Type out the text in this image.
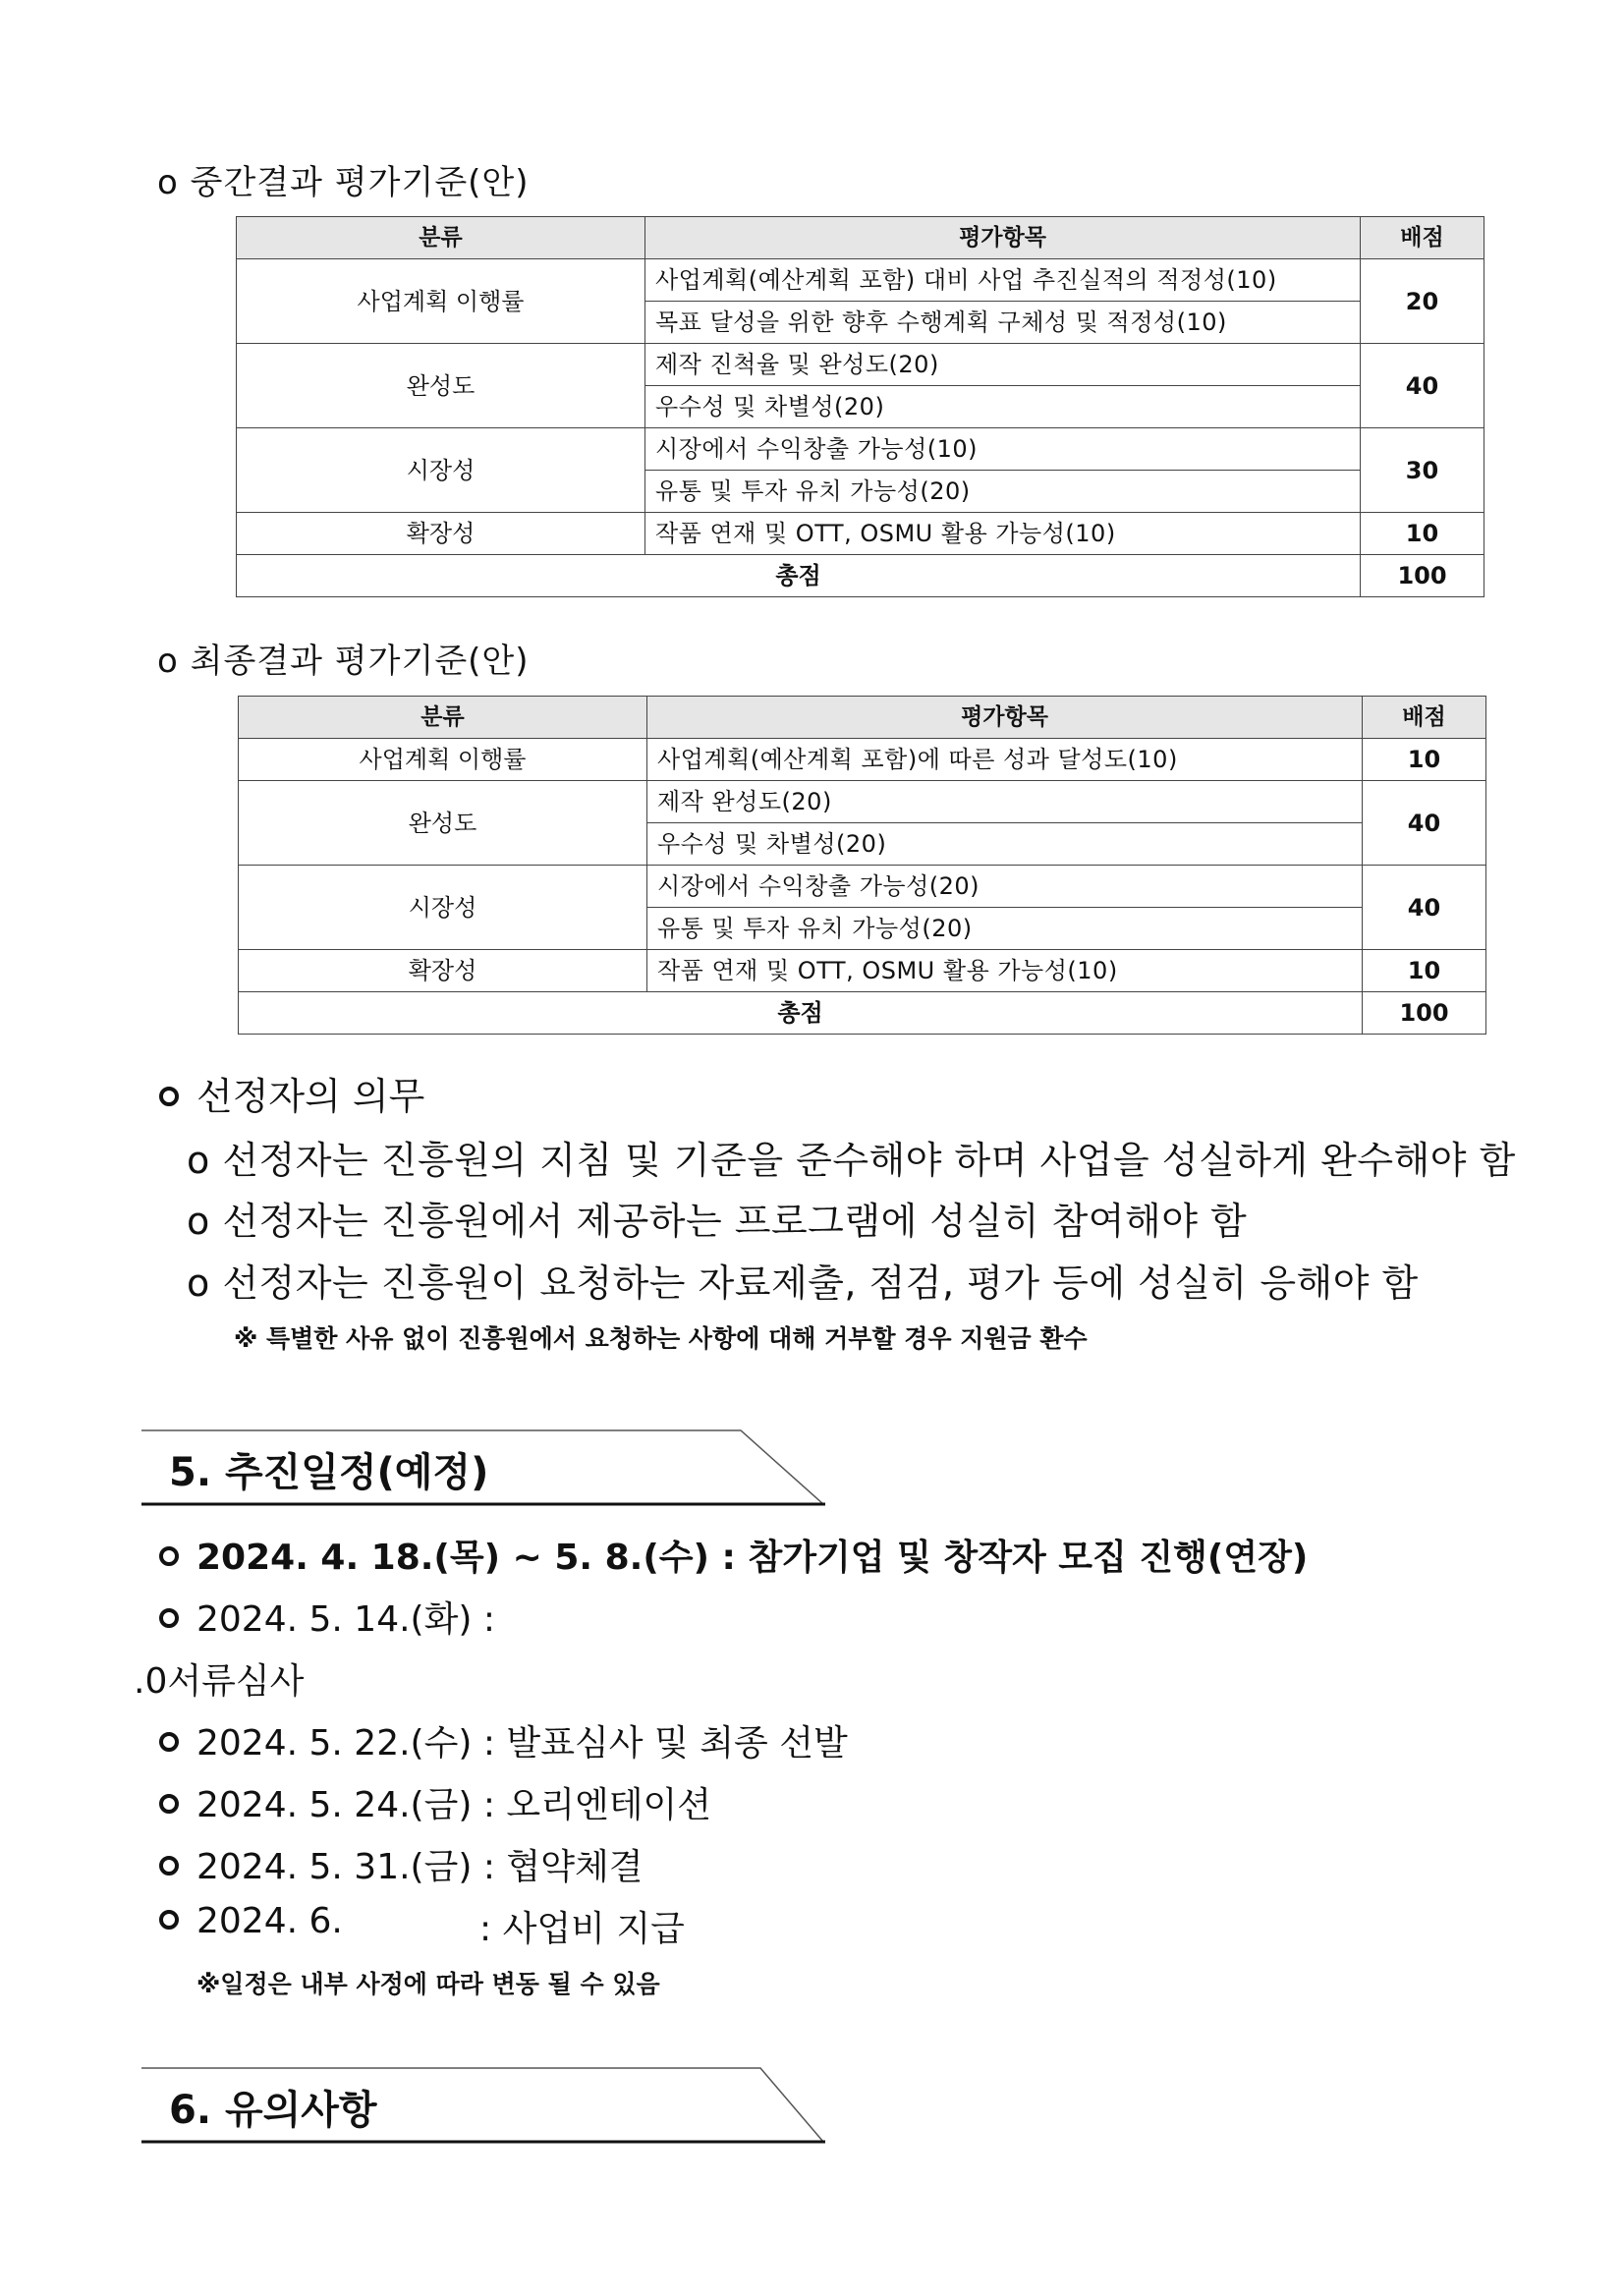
o 중간결과 평가기준(안)
분류	평가항목	배점
사업계획 이행률	사업계획(예산계획 포함) 대비 사업 추진실적의 적정성(10)	20
	목표 달성을 위한 향후 수행계획 구체성 및 적정성(10)	
완성도	제작 진척율 및 완성도(20)	40
	우수성 및 차별성(20)	
시장성	시장에서 수익창출 가능성(10)	30
	유통 및 투자 유치 가능성(20)	
확장성	작품 연재 및 OTT, OSMU 활용 가능성(10)	10
총점		100
o 최종결과 평가기준(안)
분류	평가항목	배점
사업계획 이행률	사업계획(예산계획 포함)에 따른 성과 달성도(10)	10
완성도	제작 완성도(20)	40
	우수성 및 차별성(20)	
시장성	시장에서 수익창출 가능성(20)	40
	유통 및 투자 유치 가능성(20)	
확장성	작품 연재 및 OTT, OSMU 활용 가능성(10)	10
총점		100
선정자의 의무
o 선정자는 진흥원의 지침 및 기준을 준수해야 하며 사업을 성실하게 완수해야 함
o 선정자는 진흥원에서 제공하는 프로그램에 성실히 참여해야 함
o 선정자는 진흥원이 요청하는 자료제출, 점검, 평가 등에 성실히 응해야 함
※ 특별한 사유 없이 진흥원에서 요청하는 사항에 대해 거부할 경우 지원금 환수
5. 추진일정(예정)
2024. 4. 18.(목) ~ 5. 8.(수) : 참가기업 및 창작자 모집 진행(연장)
2024. 5. 14.(화) :
.0서류심사
2024. 5. 22.(수) : 발표심사 및 최종 선발
2024. 5. 24.(금) : 오리엔테이션
2024. 5. 31.(금) : 협약체결
2024. 6.	: 사업비 지급
※일정은 내부 사정에 따라 변동 될 수 있음
6. 유의사항
